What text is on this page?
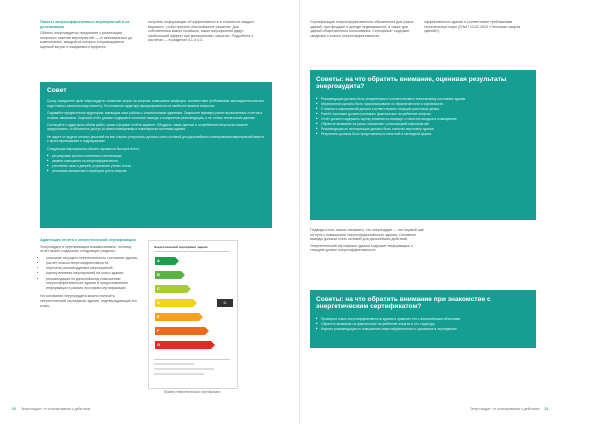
Пакеты энергоэффективных мероприятий и их детализация

Обычно энергоаудитор предлагает к реализации несколько пакетов мероприятий — от минимальных до комплексных, каждый из которых сопровождается оценкой затрат и ожидаемого эффекта.

получить информацию об эффективности и стоимости каждого варианта, чтобы принять обоснованное решение. Для собственника важно понимать, какие мероприятия дадут наибольший эффект при минимальных затратах. Подробнее о расчётах — в разделах 4.1 и 4.3.

Совет

Сразу определите цели энергоаудита: снижение затрат на энергию, повышение комфорта, соответствие требованиям законодательства или подготовка к капитальному ремонту. Это позволит аудитору сфокусироваться на наиболее важных вопросах.

Отдавайте предпочтение аудиторам, имеющим опыт работы с аналогичными зданиями. Запросите примеры ранее выполненных отчётов и отзывы заказчиков. Хороший отчёт должен содержать понятные выводы и конкретные рекомендации, а не только технические данные.

Согласуйте с аудитором объём работ, сроки и формат отчёта заранее. Обсудите, какие данные о потреблении энергии вы можете предоставить, и обеспечьте доступ ко всем помещениям и инженерным системам здания.

Не ждите от аудита готовых решений на все случаи: результаты должны стать основой для дальнейшего планирования мероприятий вместе с проектировщиками и подрядчиками.

Следующие мероприятия обычно окупаются быстрее всего:

■ регулировка систем отопления и вентиляции;
■ замена освещения на энергоэффективное;
■ утепление окон и дверей, устранение утечек тепла;
■ установка автоматики и приборов учёта энергии.
Адаптация отчёта к энергетической сертификации

Энергоаудит и сертификация взаимосвязаны, поэтому отчёт может содержать следующие разделы:

• описание текущего энергетического состояния здания;
• расчёт класса энергоэффективности;
• перечень рекомендуемых мероприятий;
• оценку влияния мероприятий на класс здания;
• рекомендации по дальнейшему повышению энергоэффективности здания и предоставлению информации в рамках программ сертификации.

На основании энергоаудита можно получить энергетический сертификат здания, подтверждающий его класс.

Энергетический сертификат здания
A
B
C
D	D
E
F
G
Пример энергетического сертификата
20 Энергоаудит: от планирования к действию

Сертификация энергоэффективности обязательна для новых зданий, при продаже и аренде недвижимости, а также для зданий общественного пользования. Сертификат содержит сведения о классе энергоэффективности.

эффективности здания и соответствие требованиям строительных норм (СНиП 23-02-2003 «Тепловая защита зданий»).

Советы: на что обратить внимание, оценивая результаты энергоаудита?
■ Рекомендации должны быть конкретными и соответствовать техническому состоянию здания.
■ Мероприятия должны быть проранжированы по эффективности и окупаемости.
■ Стоимость мероприятий должна соответствовать текущим рыночным ценам.
■ Расчёт экономии должен учитывать фактическое потребление энергии.
■ Отчёт должен содержать оценку влияния на комфорт и качество воздуха в помещениях.
■ Обратите внимание на риски, связанные с реализацией мероприятий.
■ Рекомендации по эксплуатации должны быть понятны персоналу здания.
■ Результаты должны быть представлены в понятной и наглядной форме.

Подводя итоги, важно понимать, что энергоаудит — это первый шаг на пути к повышению энергоэффективности здания. Основные выводы должны стать основой для дальнейших действий.

Энергетический сертификат здания содержит информацию о текущем уровне энергоэффективности.

Советы: на что обратить внимание при знакомстве с энергетическим сертификатом?
■ Проверьте класс энергоэффективности здания и сравните его с аналогичными объектами.
■ Обратите внимание на фактическое потребление энергии и его структуру.
■ Изучите рекомендации по повышению энергоэффективности, указанные в сертификате.
Энергоаудит: от планирования к действию 21
